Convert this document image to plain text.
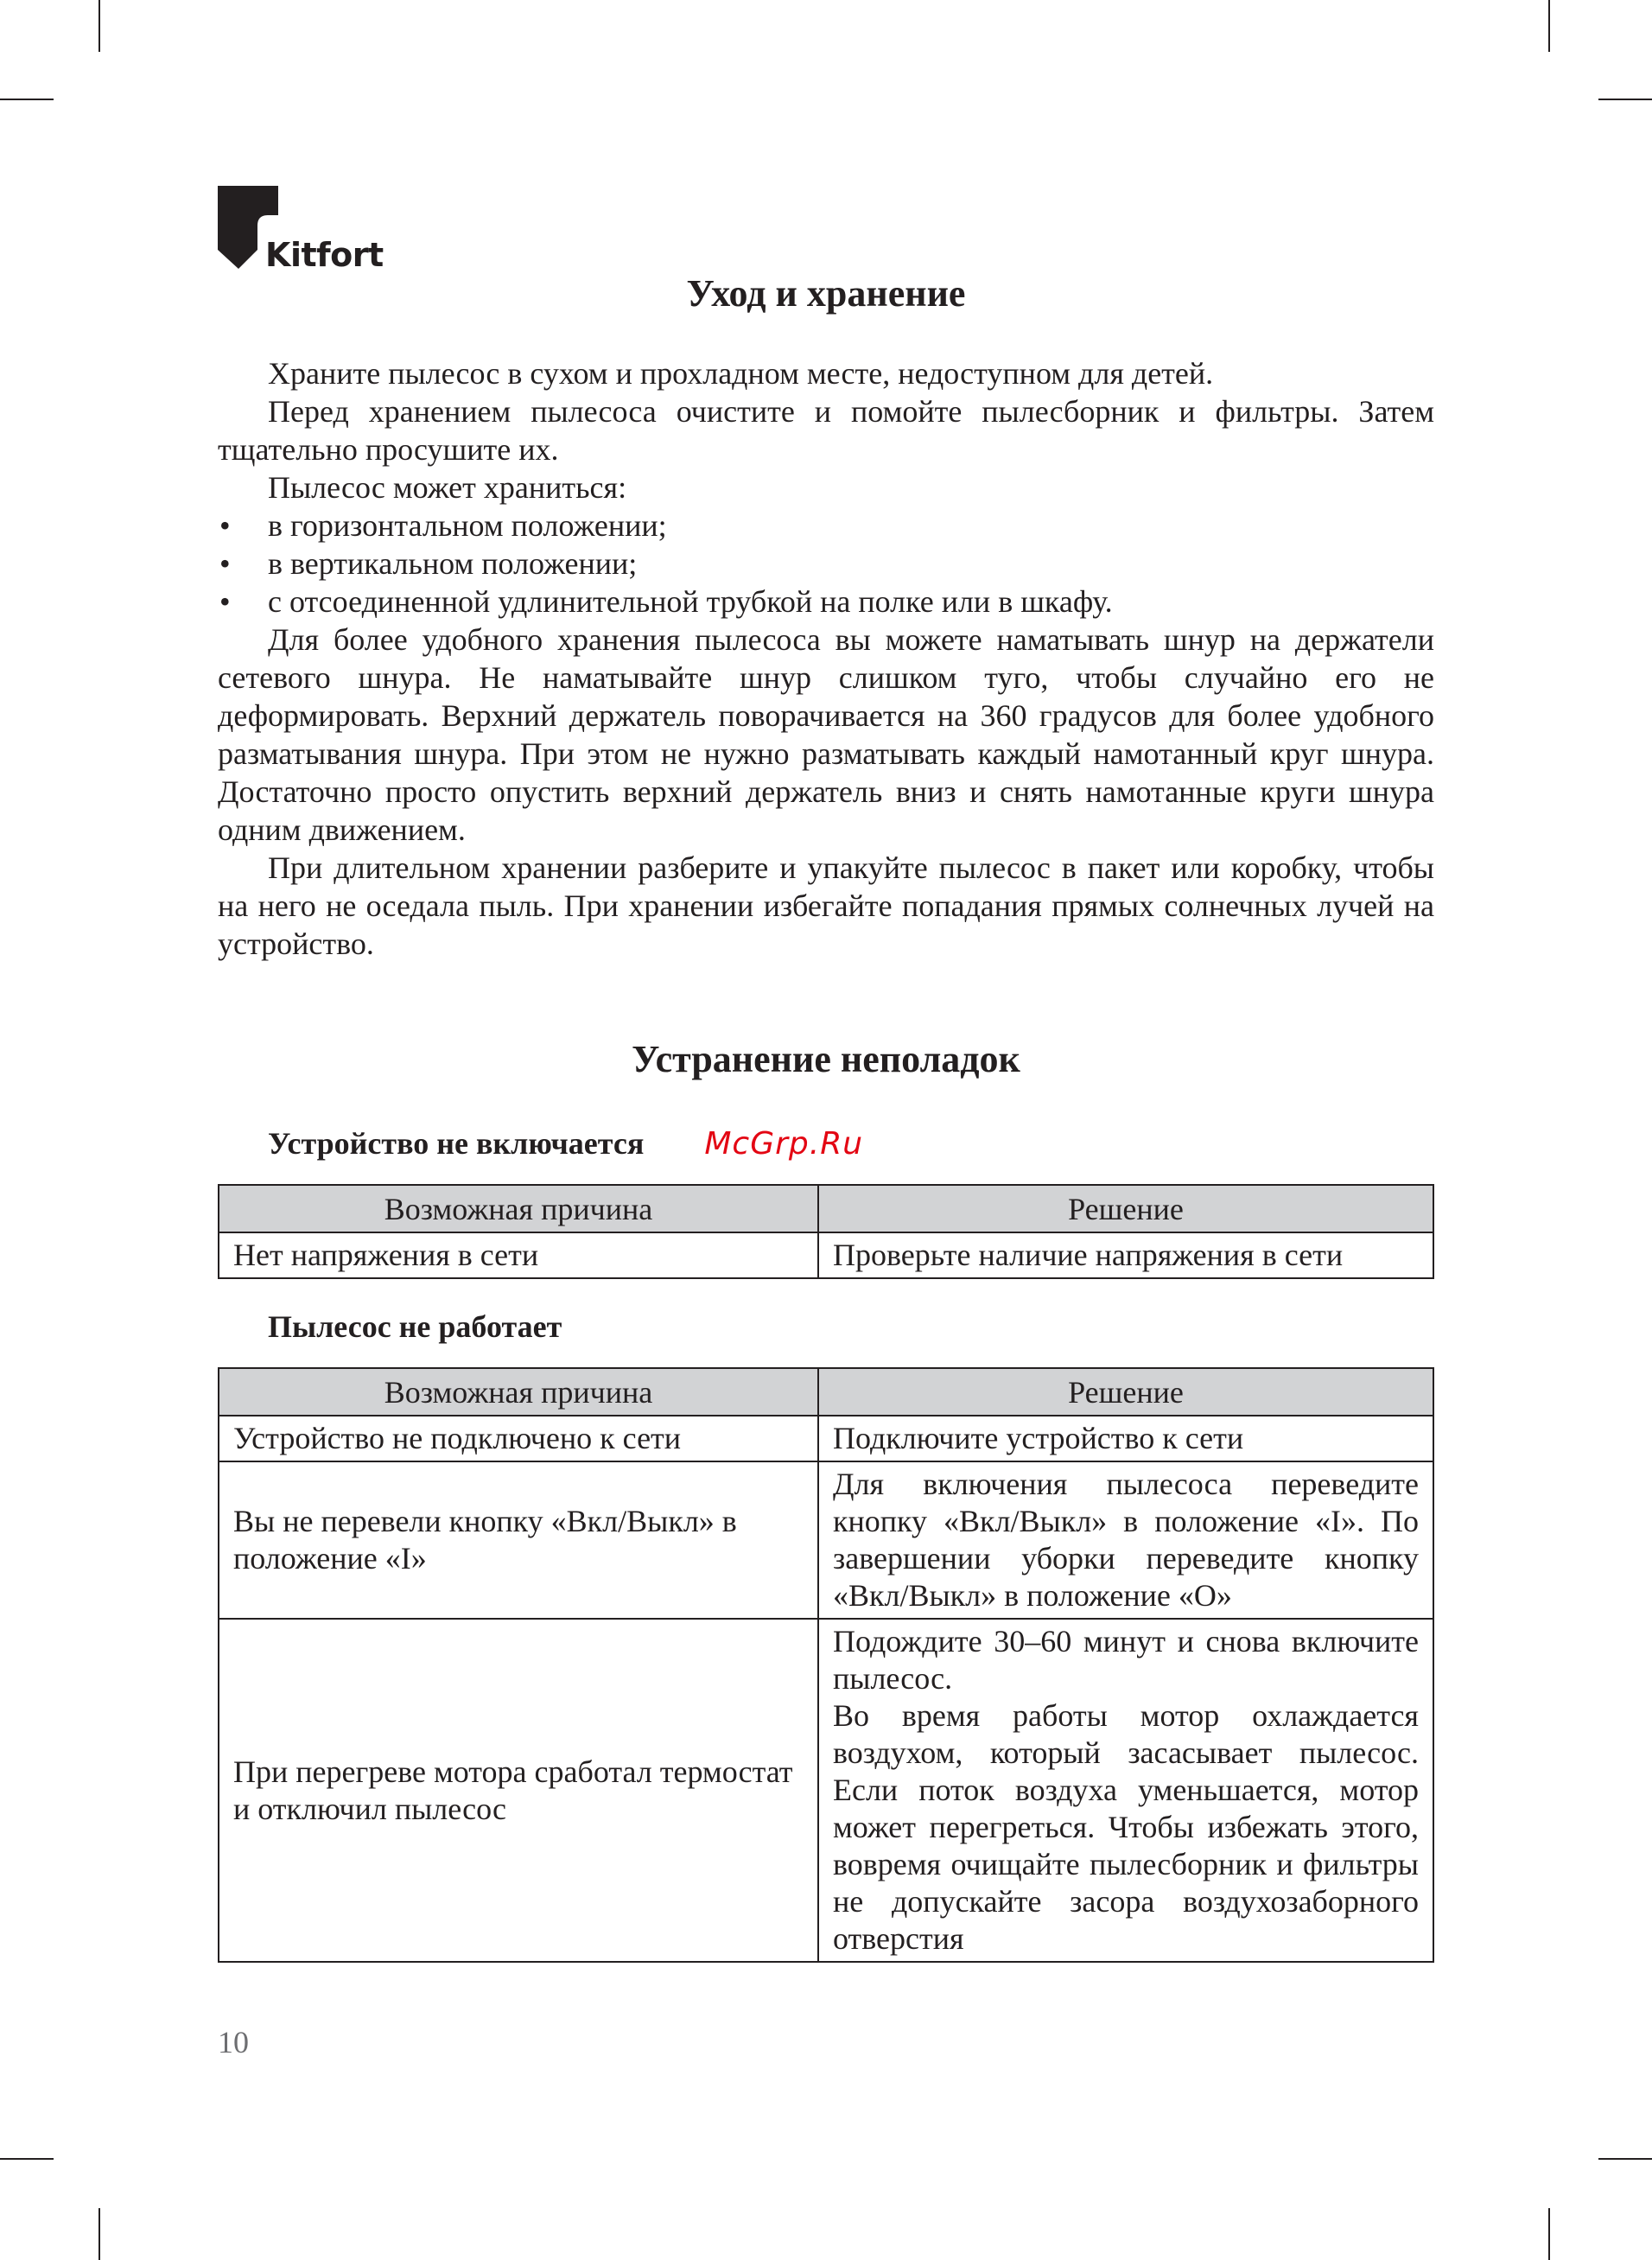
Kitfort
Уход и хранение

Храните пылесос в сухом и прохладном месте, недоступном для детей.

Перед хранением пылесоса очистите и помойте пылесборник и фильтры. Затем тщательно просушите их.

Пылесос может храниться:

• в горизонтальном положении;
• в вертикальном положении;
• с отсоединенной удлинительной трубкой на полке или в шкафу.

Для более удобного хранения пылесоса вы можете наматывать шнур на держатели сетевого шнура. Не наматывайте шнур слишком туго, чтобы случайно его не деформировать. Верхний держатель поворачивается на 360 градусов для более удобного разматывания шнура. При этом не нужно разматывать каждый намотанный круг шнура. Достаточно просто опустить верхний держатель вниз и снять намотанные круги шнура одним движением.

При длительном хранении разберите и упакуйте пылесос в пакет или коробку, чтобы на него не оседала пыль. При хранении избегайте попадания прямых солнечных лучей на устройство.

Устранение неполадок
Устройство не включается McGrp.Ru
Возможная причина	Решение
Нет напряжения в сети	Проверьте наличие напряжения в сети
Пылесос не работает
Возможная причина	Решение
Устройство не подключено к сети	Подключите устройство к сети
Вы не перевели кнопку «Вкл/Выкл» в положение «I»	Для включения пылесоса переведите кнопку «Вкл/Выкл» в положение «I». По завершении уборки переведите кнопку «Вкл/Выкл» в положение «O»
При перегреве мотора сработал термостат и отключил пылесос	Подождите 30–60 минут и снова включите пылесос.
Во время работы мотор охлаждается воздухом, который засасывает пылесос. Если поток воздуха уменьшается, мотор может перегреться. Чтобы избежать этого, вовремя очищайте пылесборник и фильтры не допускайте засора воздухозаборного отверстия
10
